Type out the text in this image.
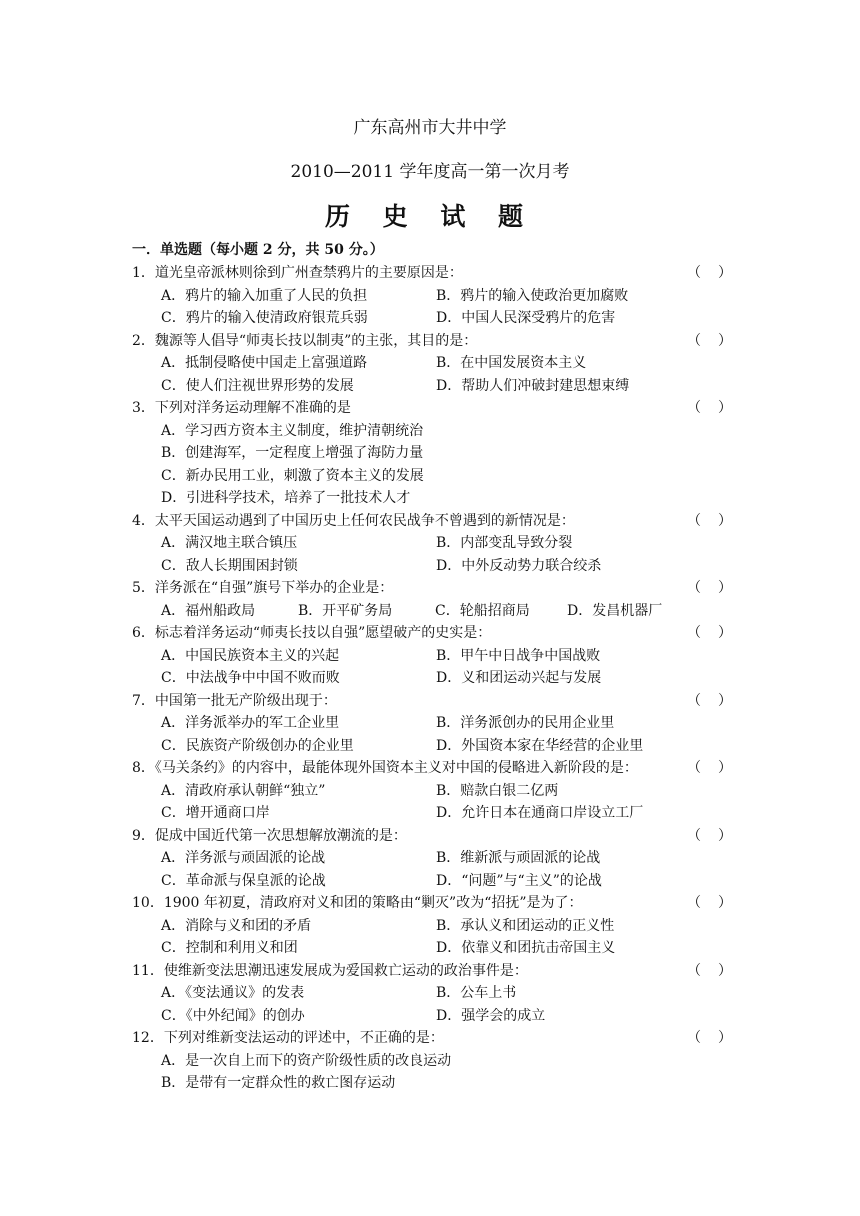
广东高州市大井中学
2010—2011 学年度高一第一次月考
历 史 试 题
一．单选题（每小题 2 分，共 50 分。）
1．道光皇帝派林则徐到广州查禁鸦片的主要原因是：	（ ）
A．鸦片的输入加重了人民的负担	B．鸦片的输入使政治更加腐败
C．鸦片的输入使清政府银荒兵弱	D．中国人民深受鸦片的危害
2．魏源等人倡导“师夷长技以制夷”的主张，其目的是：	（ ）
A．抵制侵略使中国走上富强道路	B．在中国发展资本主义
C．使人们注视世界形势的发展	D．帮助人们冲破封建思想束缚
3．下列对洋务运动理解不准确的是	（ ）
A．学习西方资本主义制度，维护清朝统治
B．创建海军，一定程度上增强了海防力量
C．新办民用工业，刺激了资本主义的发展
D．引进科学技术，培养了一批技术人才
4．太平天国运动遇到了中国历史上任何农民战争不曾遇到的新情况是：	（ ）
A．满汉地主联合镇压	B．内部变乱导致分裂
C．敌人长期围困封锁	D．中外反动势力联合绞杀
5．洋务派在“自强”旗号下举办的企业是：	（ ）
A．福州船政局	B．开平矿务局	C．轮船招商局	D．发昌机器厂
6．标志着洋务运动“师夷长技以自强”愿望破产的史实是：	（ ）
A．中国民族资本主义的兴起	B．甲午中日战争中国战败
C．中法战争中中国不败而败	D．义和团运动兴起与发展
7．中国第一批无产阶级出现于：	（ ）
A．洋务派举办的军工企业里	B．洋务派创办的民用企业里
C．民族资产阶级创办的企业里	D．外国资本家在华经营的企业里
8．《马关条约》的内容中，最能体现外国资本主义对中国的侵略进入新阶段的是：	（ ）
A．清政府承认朝鲜“独立”	B．赔款白银二亿两
C．增开通商口岸	D．允许日本在通商口岸设立工厂
9．促成中国近代第一次思想解放潮流的是：	（ ）
A．洋务派与顽固派的论战	B．维新派与顽固派的论战
C．革命派与保皇派的论战	D．“问题”与“主义”的论战
10．1900 年初夏，清政府对义和团的策略由“剿灭”改为“招抚”是为了：	（ ）
A．消除与义和团的矛盾	B．承认义和团运动的正义性
C．控制和利用义和团	D．依靠义和团抗击帝国主义
11．使维新变法思潮迅速发展成为爱国救亡运动的政治事件是：	（ ）
A．《变法通议》的发表	B．公车上书
C．《中外纪闻》的创办	D．强学会的成立
12．下列对维新变法运动的评述中，不正确的是：	（ ）
A．是一次自上而下的资产阶级性质的改良运动
B．是带有一定群众性的救亡图存运动
